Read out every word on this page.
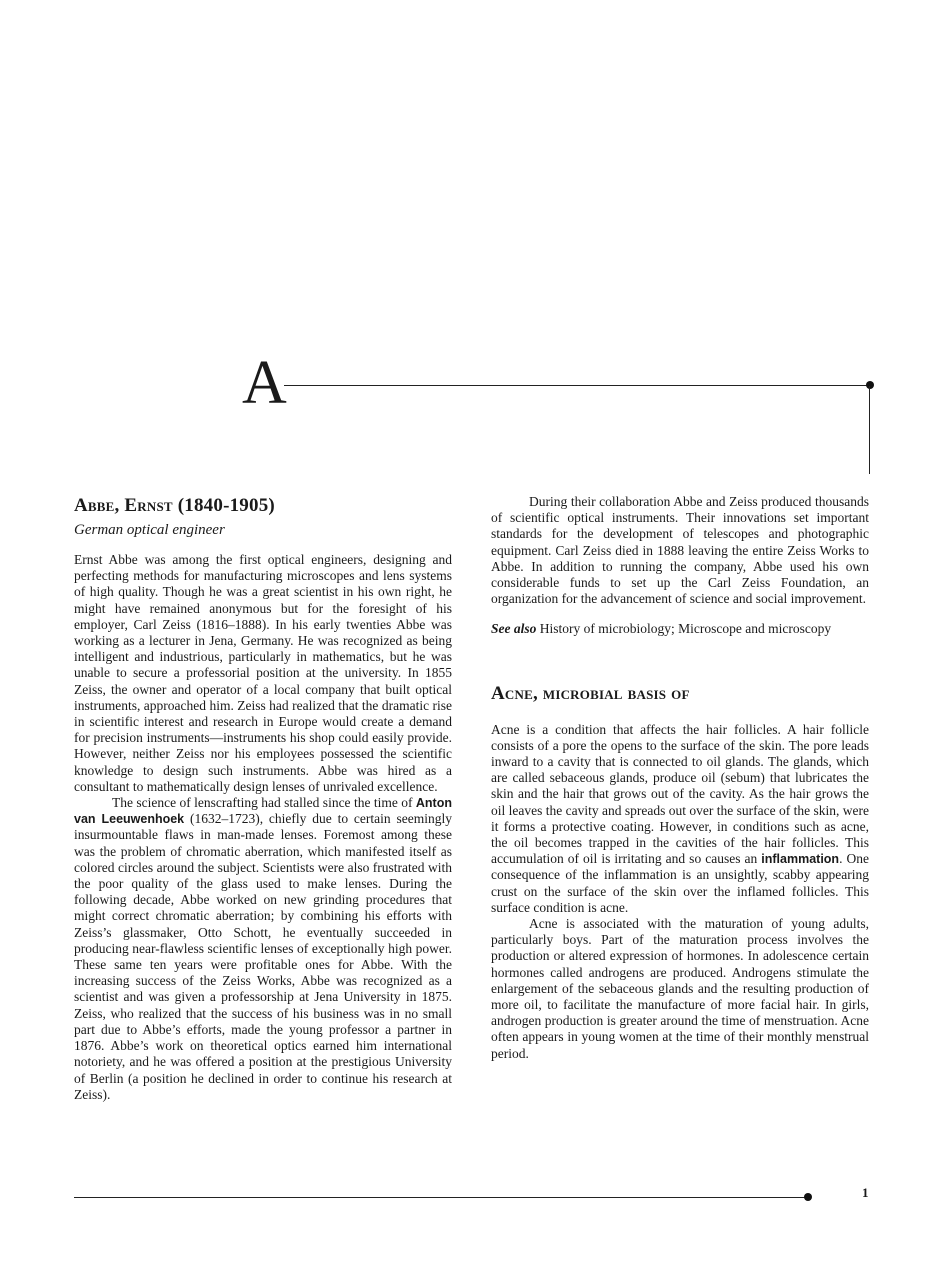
A
Abbe, Ernst (1840-1905)
German optical engineer

Ernst Abbe was among the first optical engineers, designing and perfecting methods for manufacturing microscopes and lens systems of high quality. Though he was a great scientist in his own right, he might have remained anonymous but for the foresight of his employer, Carl Zeiss (1816–1888). In his early twenties Abbe was working as a lecturer in Jena, Germany. He was recognized as being intelligent and industrious, particularly in mathematics, but he was unable to secure a professorial position at the university. In 1855 Zeiss, the owner and operator of a local company that built optical instruments, approached him. Zeiss had realized that the dramatic rise in scientific interest and research in Europe would create a demand for precision instruments—instruments his shop could easily provide. However, neither Zeiss nor his employees possessed the scientific knowledge to design such instruments. Abbe was hired as a consultant to mathematically design lenses of unrivaled excellence.

The science of lenscrafting had stalled since the time of Anton van Leeuwenhoek (1632–1723), chiefly due to certain seemingly insurmountable flaws in man-made lenses. Foremost among these was the problem of chromatic aberration, which manifested itself as colored circles around the subject. Scientists were also frustrated with the poor quality of the glass used to make lenses. During the following decade, Abbe worked on new grinding procedures that might correct chromatic aberration; by combining his efforts with Zeiss’s glassmaker, Otto Schott, he eventually succeeded in producing near-flawless scientific lenses of exceptionally high power. These same ten years were profitable ones for Abbe. With the increasing success of the Zeiss Works, Abbe was recognized as a scientist and was given a professorship at Jena University in 1875. Zeiss, who realized that the success of his business was in no small part due to Abbe’s efforts, made the young professor a partner in 1876. Abbe’s work on theoretical optics earned him international notoriety, and he was offered a position at the prestigious University of Berlin (a position he declined in order to continue his research at Zeiss).

During their collaboration Abbe and Zeiss produced thousands of scientific optical instruments. Their innovations set important standards for the development of telescopes and photographic equipment. Carl Zeiss died in 1888 leaving the entire Zeiss Works to Abbe. In addition to running the company, Abbe used his own considerable funds to set up the Carl Zeiss Foundation, an organization for the advancement of science and social improvement.

See also History of microbiology; Microscope and microscopy

Acne, microbial basis of

Acne is a condition that affects the hair follicles. A hair follicle consists of a pore the opens to the surface of the skin. The pore leads inward to a cavity that is connected to oil glands. The glands, which are called sebaceous glands, produce oil (sebum) that lubricates the skin and the hair that grows out of the cavity. As the hair grows the oil leaves the cavity and spreads out over the surface of the skin, were it forms a protective coating. However, in conditions such as acne, the oil becomes trapped in the cavities of the hair follicles. This accumulation of oil is irritating and so causes an inflammation. One consequence of the inflammation is an unsightly, scabby appearing crust on the surface of the skin over the inflamed follicles. This surface condition is acne.

Acne is associated with the maturation of young adults, particularly boys. Part of the maturation process involves the production or altered expression of hormones. In adolescence certain hormones called androgens are produced. Androgens stimulate the enlargement of the sebaceous glands and the resulting production of more oil, to facilitate the manufacture of more facial hair. In girls, androgen production is greater around the time of menstruation. Acne often appears in young women at the time of their monthly menstrual period.

1
